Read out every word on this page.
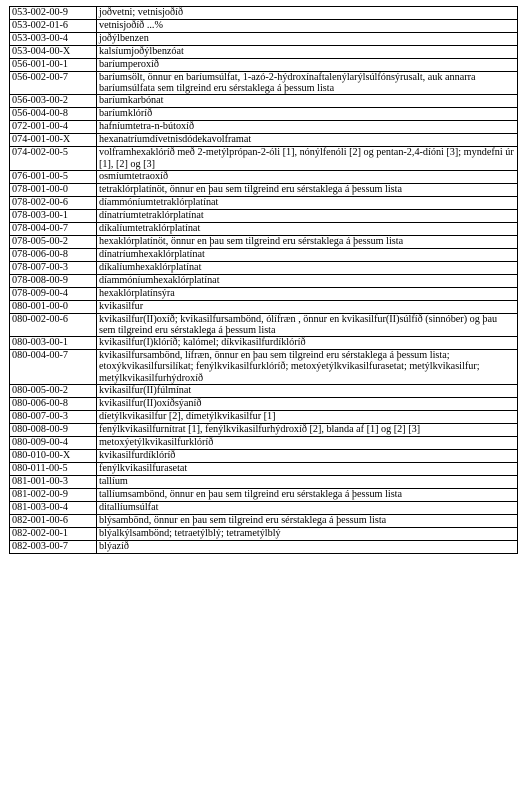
053-002-00-9	joðvetni; vetnisjoðíð
053-002-01-6	vetnisjoðíð ...%
053-003-00-4	joðýlbenzen
053-004-00-X	kalsíumjoðýlbenzóat
056-001-00-1	baríumperoxíð
056-002-00-7	baríumsölt, önnur en baríumsúlfat, 1-azó-2-hýdroxínaftalenýlarýlsúlfónsýrusalt, auk annarra baríumsúlfata sem tilgreind eru sérstaklega á þessum lista
056-003-00-2	baríumkarbónat
056-004-00-8	baríumklóríð
072-001-00-4	hafníumtetra-n-bútoxíð
074-001-00-X	hexanatríumdívetnisdódekavolframat
074-002-00-5	volframhexaklóríð með 2-metýlprópan-2-óli [1], nónýlfenóli [2] og pentan-2,4-díóni [3]; myndefni úr [1], [2] og [3]
076-001-00-5	osmíumtetraoxíð
078-001-00-0	tetraklórplatínöt, önnur en þau sem tilgreind eru sérstaklega á þessum lista
078-002-00-6	díammóníumtetraklórplatínat
078-003-00-1	dínatríumtetraklórplatínat
078-004-00-7	díkalíumtetraklórplatínat
078-005-00-2	hexaklórplatínöt, önnur en þau sem tilgreind eru sérstaklega á þessum lista
078-006-00-8	dínatríumhexaklórplatínat
078-007-00-3	díkalíumhexaklórplatínat
078-008-00-9	díammóníumhexaklórplatínat
078-009-00-4	hexaklórplatínsýra
080-001-00-0	kvikasilfur
080-002-00-6	kvikasilfur(II)oxíð; kvikasilfursambönd, ólífræn , önnur en kvikasilfur(II)súlfíð (sinnóber) og þau sem tilgreind eru sérstaklega á þessum lista
080-003-00-1	kvikasilfur(I)klóríð; kalómel; díkvikasilfurdíklóríð
080-004-00-7	kvikasilfursambönd, lífræn, önnur en þau sem tilgreind eru sérstaklega á þessum lista; etoxýkvikasilfursilíkat; fenýlkvikasilfurklóríð; metoxýetýlkvikasilfurasetat; metýlkvikasilfur; metýlkvikasilfurhýdroxíð
080-005-00-2	kvikasilfur(II)fúlmínat
080-006-00-8	kvikasilfur(II)oxíðsýaníð
080-007-00-3	díetýlkvikasilfur [2], dímetýlkvikasilfur [1]
080-008-00-9	fenýlkvikasilfurnítrat [1], fenýlkvikasilfurhýdroxíð [2], blanda af [1] og [2] [3]
080-009-00-4	metoxýetýlkvikasilfurklóríð
080-010-00-X	kvikasilfurdíklóríð
080-011-00-5	fenýlkvikasilfurasetat
081-001-00-3	tallíum
081-002-00-9	tallíumsambönd, önnur en þau sem tilgreind eru sérstaklega á þessum lista
081-003-00-4	ditallíumsúlfat
082-001-00-6	blýsambönd, önnur en þau sem tilgreind eru sérstaklega á þessum lista
082-002-00-1	blýalkýlsambönd; tetraetýlblý; tetrametýlblý
082-003-00-7	blýazíð
